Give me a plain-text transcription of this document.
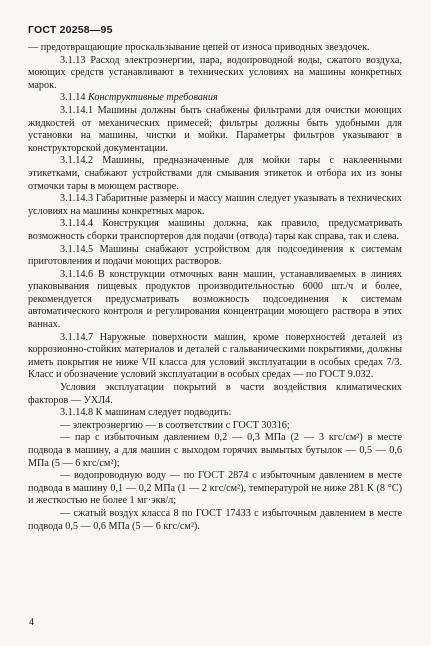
ГОСТ 20258—95

— предотвращающие проскальзывание цепей от износа приводных звездочек.

3.1.13 Расход электроэнергии, пара, водопроводной воды, сжатого воздуха, моющих средств устанавливают в технических условиях на машины конкретных марок.

3.1.14 Конструктивные требования

3.1.14.1 Машины должны быть снабжены фильтрами для очистки моющих жидкостей от механических примесей; фильтры должны быть удобными для установки на машины, чистки и мойки. Параметры фильтров указывают в конструкторской документации.

3.1.14.2 Машины, предназначенные для мойки тары с наклеенными этикетками, снабжают устройствами для смывания этикеток и отбора их из зоны отмочки тары в моющем растворе.

3.1.14.3 Габаритные размеры и массу машин следует указывать в технических условиях на машины конкретных марок.

3.1.14.4 Конструкция машины должна, как правило, предусматривать возможность сборки транспортеров для подачи (отвода) тары как справа, так и слева.

3.1.14.5 Машины снабжают устройством для подсоединения к системам приготовления и подачи моющих растворов.

3.1.14.6 В конструкции отмочных ванн машин, устанавливаемых в линиях упаковывания пищевых продуктов производительностью 6000 шт./ч и более, рекомендуется предусматривать возможность подсоединения к системам автоматического контроля и регулирования концентрации моющего раствора в этих ваннах.

3.1.14.7 Наружные поверхности машин, кроме поверхностей деталей из коррозионно-стойких материалов и деталей с гальваническими покрытиями, должны иметь покрытия не ниже VII класса для условий эксплуатации в особых средах 7/3. Класс и обозначение условий эксплуатации в особых средах — по ГОСТ 9.032.

Условия эксплуатации покрытий в части воздействия климатических факторов — УХЛ4.

3.1.14.8 К машинам следует подводить:

— электроэнергию — в соответствии с ГОСТ 30316;

— пар с избыточным давлением 0,2 — 0,3 МПа (2 — 3 кгс/см²) в месте подвода в машину, а для машин с выходом горячих вымытых бутылок — 0,5 — 0,6 МПа (5 — 6 кгс/см²);

— водопроводную воду — по ГОСТ 2874 с избыточным давлением в месте подвода в машину 0,1 — 0,2 МПа (1 — 2 кгс/см²), температурой не ниже 281 К (8 °С) и жесткостью не более 1 мг·экв/л;

— сжатый воздух класса 8 по ГОСТ 17433 с избыточным давлением в месте подвода 0,5 — 0,6 МПа (5 — 6 кгс/см²).

4
